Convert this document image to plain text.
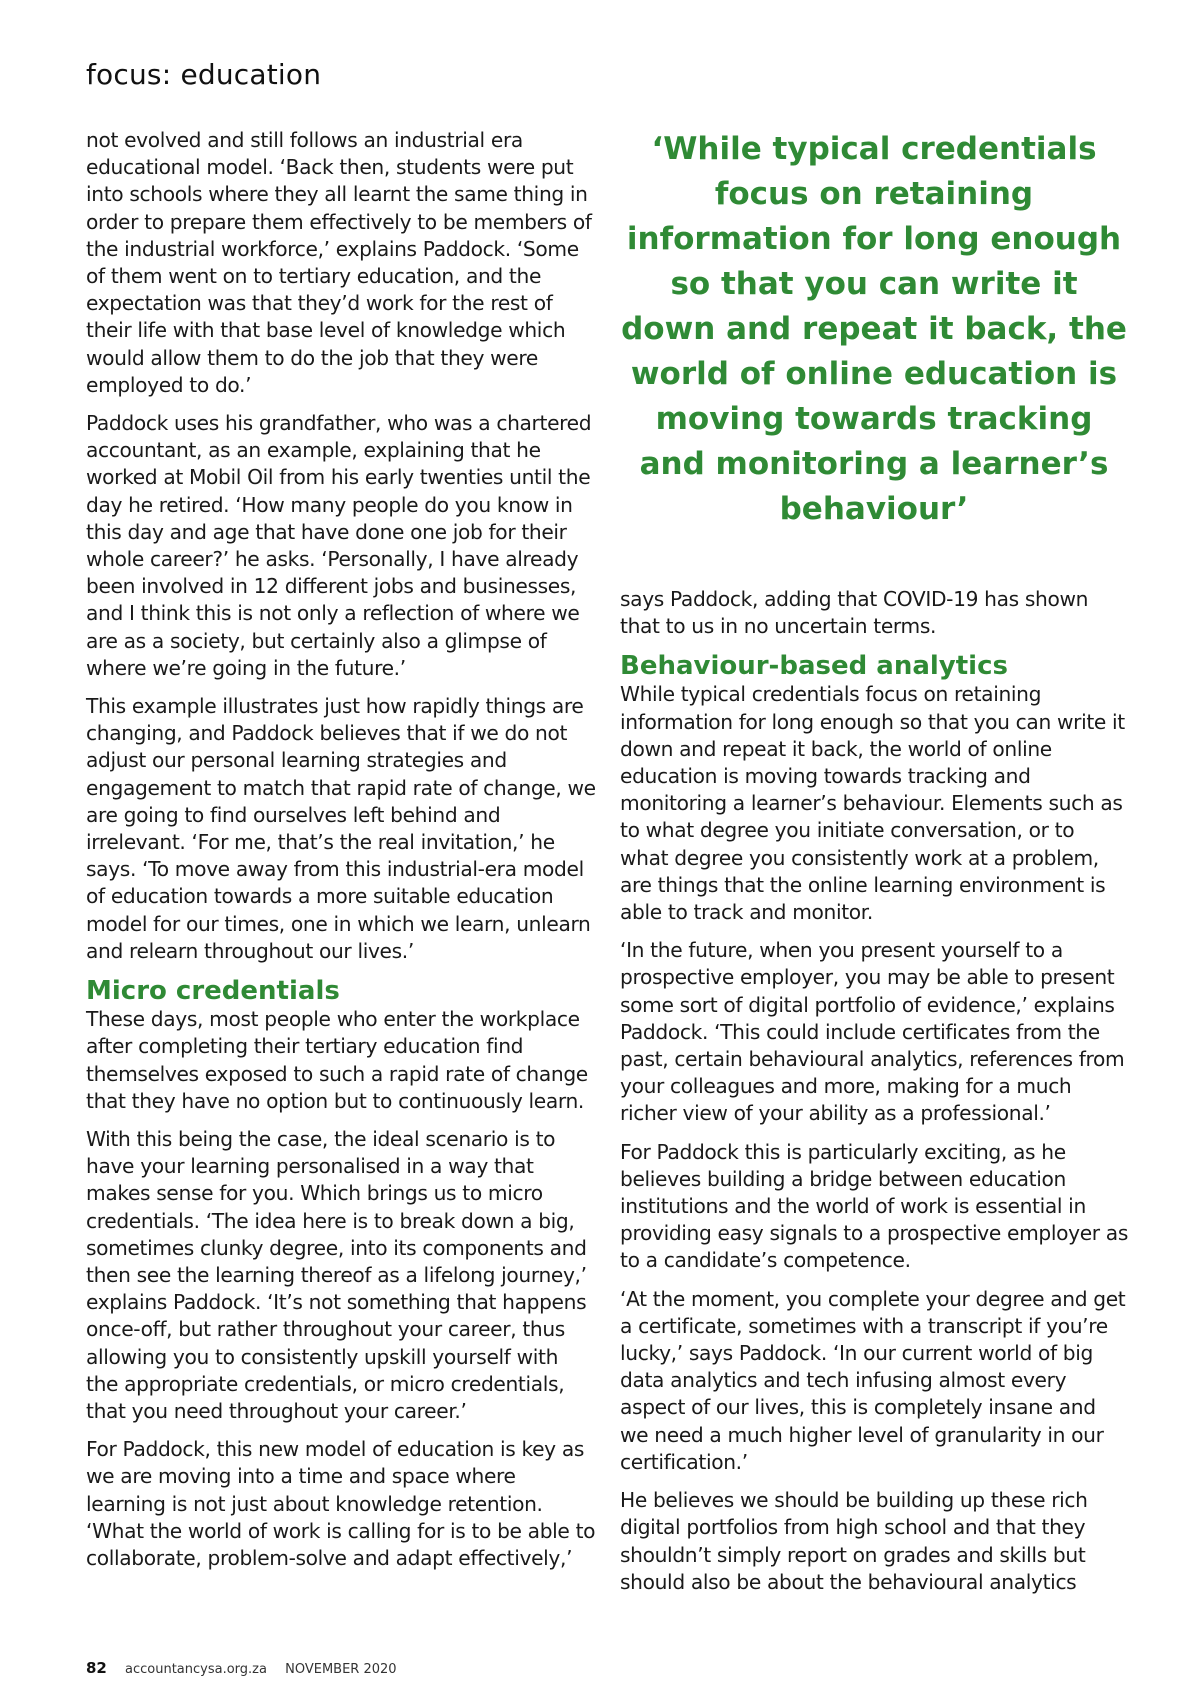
focus: education

not evolved and still follows an industrial era educational model. ‘Back then, students were put into schools where they all learnt the same thing in order to prepare them effectively to be members of the industrial workforce,’ explains Paddock. ‘Some of them went on to tertiary education, and the expectation was that they’d work for the rest of their life with that base level of knowledge which would allow them to do the job that they were employed to do.’

Paddock uses his grandfather, who was a chartered accountant, as an example, explaining that he worked at Mobil Oil from his early twenties until the day he retired. ‘How many people do you know in this day and age that have done one job for their whole career?’ he asks. ‘Personally, I have already been involved in 12 different jobs and businesses, and I think this is not only a reflection of where we are as a society, but certainly also a glimpse of where we’re going in the future.’

This example illustrates just how rapidly things are changing, and Paddock believes that if we do not adjust our personal learning strategies and engagement to match that rapid rate of change, we are going to find ourselves left behind and irrelevant. ‘For me, that’s the real invitation,’ he says. ‘To move away from this industrial-era model of education towards a more suitable education model for our times, one in which we learn, unlearn and relearn throughout our lives.’

Micro credentials

These days, most people who enter the workplace after completing their tertiary education find themselves exposed to such a rapid rate of change that they have no option but to continuously learn.

With this being the case, the ideal scenario is to have your learning personalised in a way that makes sense for you. Which brings us to micro credentials. ‘The idea here is to break down a big, sometimes clunky degree, into its components and then see the learning thereof as a lifelong journey,’ explains Paddock. ‘It’s not something that happens once-off, but rather throughout your career, thus allowing you to consistently upskill yourself with the appropriate credentials, or micro credentials, that you need throughout your career.’

For Paddock, this new model of education is key as we are moving into a time and space where learning is not just about knowledge retention. ‘What the world of work is calling for is to be able to collaborate, problem-solve and adapt effectively,’

‘While typical credentials focus on retaining information for long enough so that you can write it down and repeat it back, the world of online education is moving towards tracking and monitoring a learner’s behaviour’

says Paddock, adding that COVID-19 has shown that to us in no uncertain terms.

Behaviour-based analytics

While typical credentials focus on retaining information for long enough so that you can write it down and repeat it back, the world of online education is moving towards tracking and monitoring a learner’s behaviour. Elements such as to what degree you initiate conversation, or to what degree you consistently work at a problem, are things that the online learning environment is able to track and monitor.

‘In the future, when you present yourself to a prospective employer, you may be able to present some sort of digital portfolio of evidence,’ explains Paddock. ‘This could include certificates from the past, certain behavioural analytics, references from your colleagues and more, making for a much richer view of your ability as a professional.’

For Paddock this is particularly exciting, as he believes building a bridge between education institutions and the world of work is essential in providing easy signals to a prospective employer as to a candidate’s competence.

‘At the moment, you complete your degree and get a certificate, sometimes with a transcript if you’re lucky,’ says Paddock. ‘In our current world of big data analytics and tech infusing almost every aspect of our lives, this is completely insane and we need a much higher level of granularity in our certification.’

He believes we should be building up these rich digital portfolios from high school and that they shouldn’t simply report on grades and skills but should also be about the behavioural analytics

82 accountancysa.org.za NOVEMBER 2020
